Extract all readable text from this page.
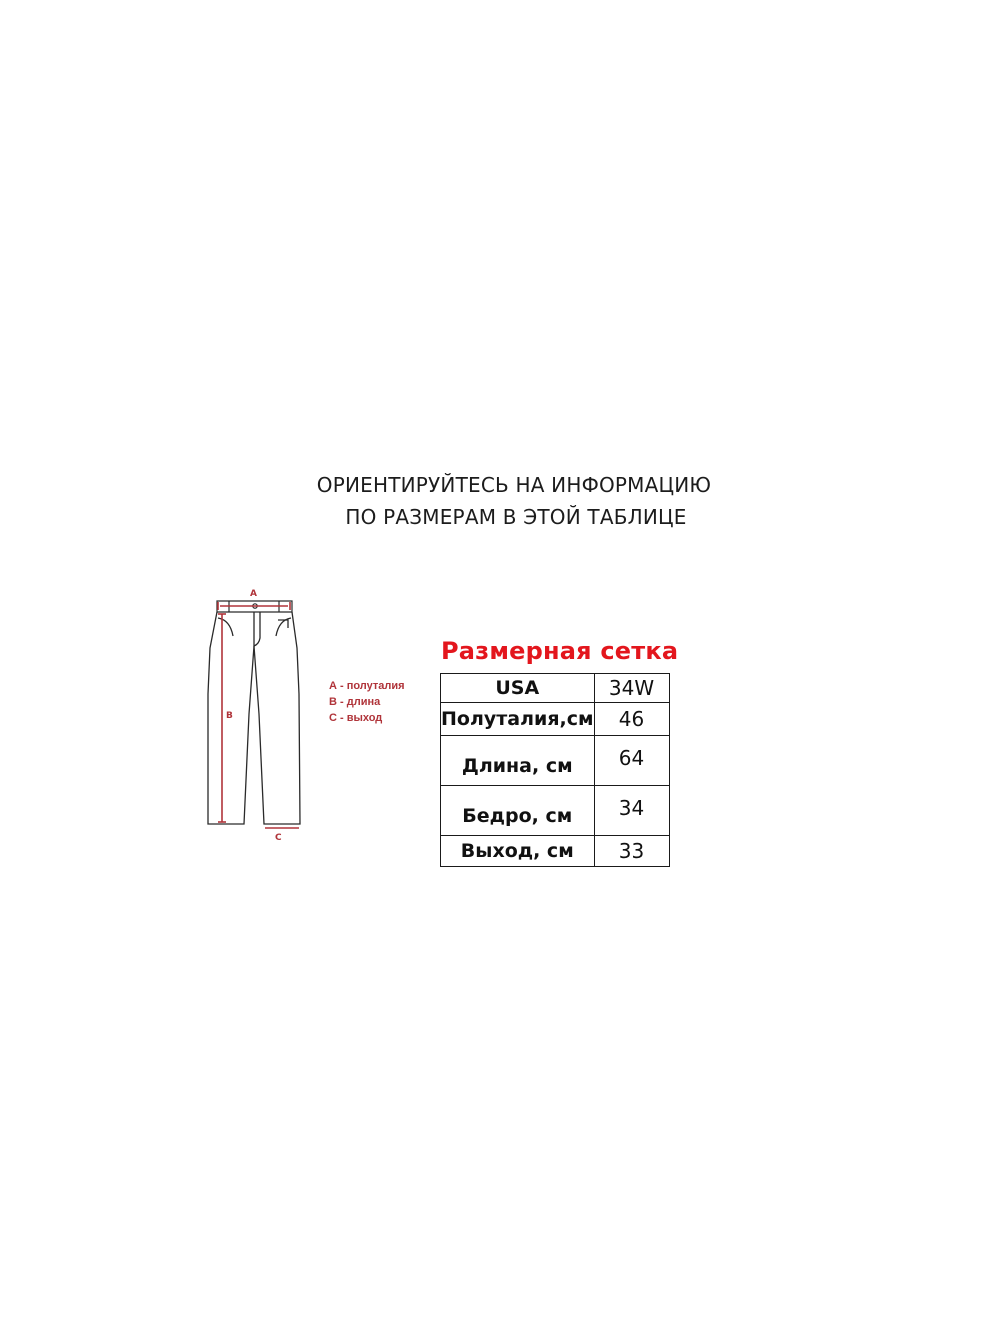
ОРИЕНТИРУЙТЕСЬ НА ИНФОРМАЦИЮ
ПО РАЗМЕРАМ В ЭТОЙ ТАБЛИЦЕ
A
B
C
А - полуталия
В - длина
С - выход
Размерная сетка
USA	34W
Полуталия,см	46
Длина, см	64
Бедро, см	34
Выход, см	33
